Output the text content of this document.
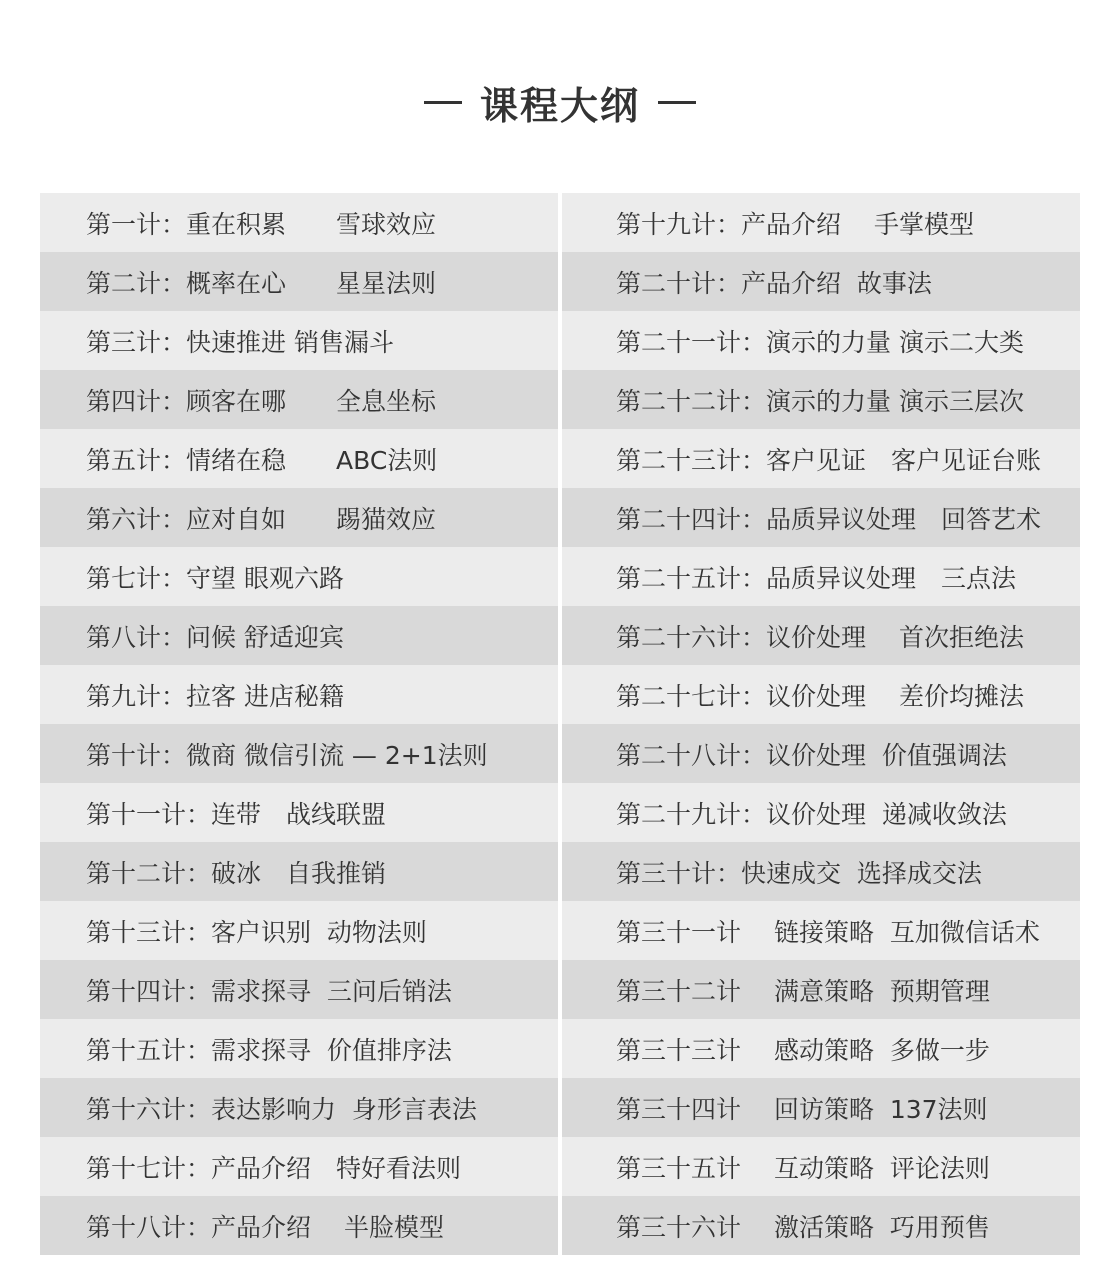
课程大纲
第一计：重在积累　　雪球效应
第二计：概率在心　　星星法则
第三计：快速推进 销售漏斗
第四计：顾客在哪　　全息坐标
第五计：情绪在稳　　ABC法则
第六计：应对自如　　踢猫效应
第七计：守望 眼观六路
第八计：问候 舒适迎宾
第九计：拉客 进店秘籍
第十计：微商 微信引流 — 2+1法则
第十一计：连带　战线联盟
第十二计：破冰　自我推销
第十三计：客户识别  动物法则
第十四计：需求探寻  三问后销法
第十五计：需求探寻  价值排序法
第十六计：表达影响力  身形言表法
第十七计：产品介绍　特好看法则
第十八计：产品介绍　 半脸模型
第十九计：产品介绍　 手掌模型
第二十计：产品介绍  故事法
第二十一计：演示的力量 演示二大类
第二十二计：演示的力量 演示三层次
第二十三计：客户见证　客户见证台账
第二十四计：品质异议处理　回答艺术
第二十五计：品质异议处理　三点法
第二十六计：议价处理　 首次拒绝法
第二十七计：议价处理　 差价均摊法
第二十八计：议价处理  价值强调法
第二十九计：议价处理  递减收敛法
第三十计：快速成交  选择成交法
第三十一计　 链接策略  互加微信话术
第三十二计　 满意策略  预期管理
第三十三计　 感动策略  多做一步
第三十四计　 回访策略  137法则
第三十五计　 互动策略  评论法则
第三十六计　 激活策略  巧用预售
